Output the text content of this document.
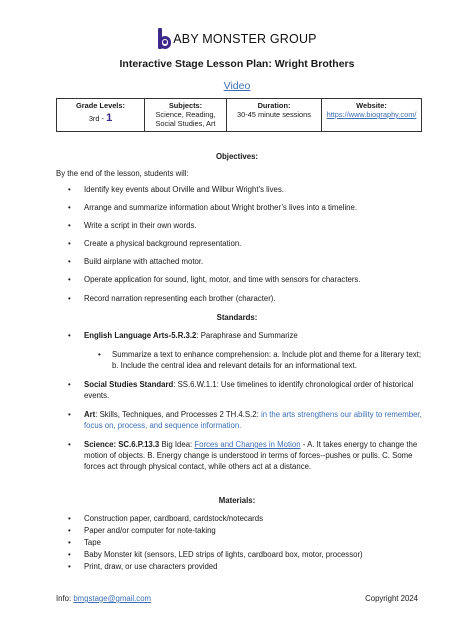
ABY MONSTER GROUP
Interactive Stage Lesson Plan: Wright Brothers
Video
Grade Levels:
3rd - 1

Subjects:
Science, Reading, Social Studies, Art	
Duration:
30-45 minute sessions	
Website:
https://www.biography.com/
Objectives:
By the end of the lesson, students will:
• Identify key events about Orville and Wilbur Wright’s lives.
• Arrange and summarize information about Wright brother’s lives into a timeline.
• Write a script in their own words.
• Create a physical background representation.
• Build airplane with attached motor.
• Operate application for sound, light, motor, and time with sensors for characters.
• Record narration representing each brother (character).
Standards:
• English Language Arts-5.R.3.2: Paraphrase and Summarize
• Summarize a text to enhance comprehension: a. Include plot and theme for a literary text; b. Include the central idea and relevant details for an informational text.
• Social Studies Standard: SS.6.W.1.1: Use timelines to identify chronological order of historical events.
• Art: Skills, Techniques, and Processes 2 TH.4.S.2: in the arts strengthens our ability to remember, focus on, process, and sequence information.
• Science: SC.6.P.13.3 Big Idea: Forces and Changes in Motion - A. It takes energy to change the motion of objects. B. Energy change is understood in terms of forces--pushes or pulls. C. Some forces act through physical contact, while others act at a distance.
Materials:
• Construction paper, cardboard, cardstock/notecards
• Paper and/or computer for note-taking
• Tape
• Baby Monster kit (sensors, LED strips of lights, cardboard box, motor, processor)
• Print, draw, or use characters provided
Info: bmgstage@gmail.com	Copyright 2024
